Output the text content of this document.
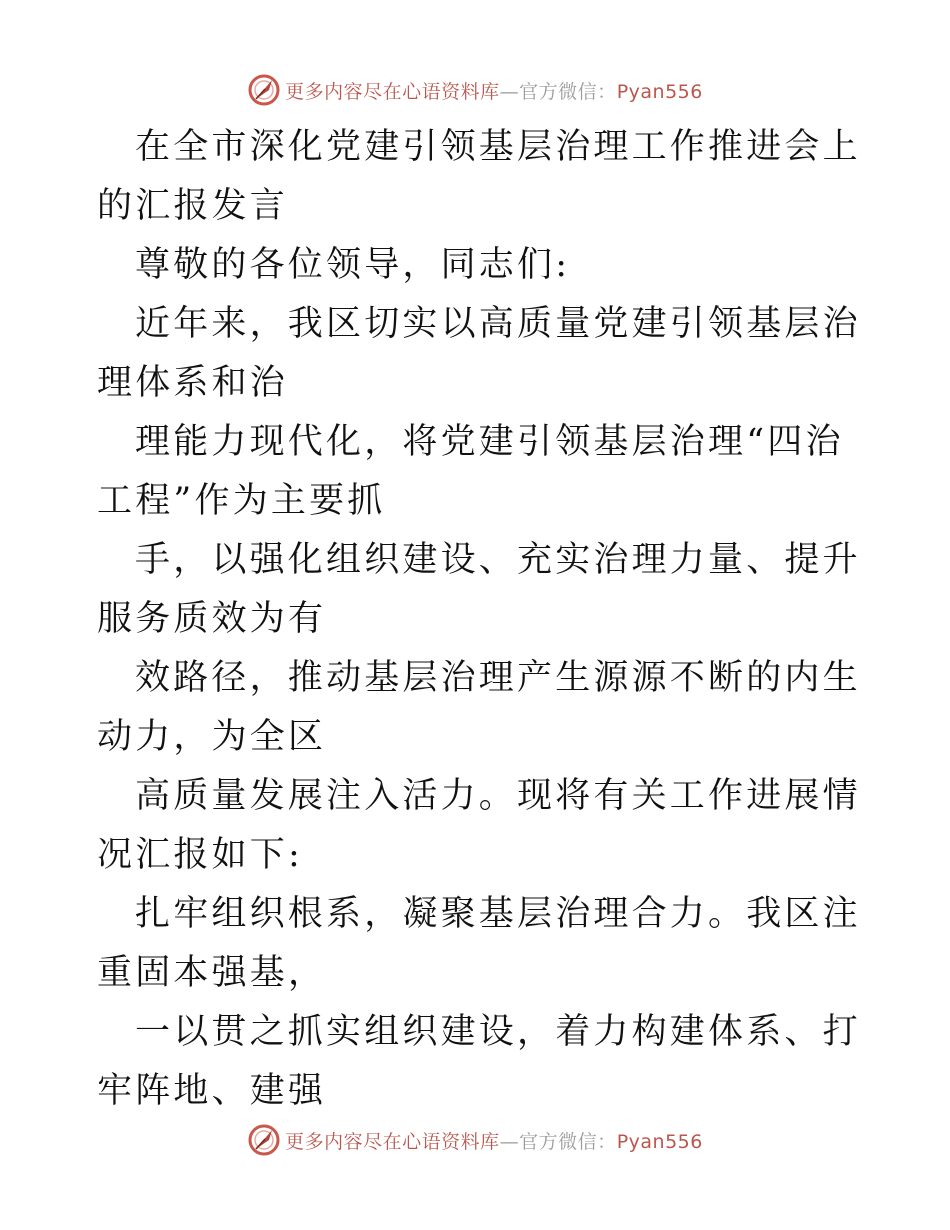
更多内容尽在心语资料库—官方微信：Pyan556

在全市深化党建引领基层治理工作推进会上的汇报发言

尊敬的各位领导，同志们:

近年来，我区切实以高质量党建引领基层治理体系和治

理能力现代化，将党建引领基层治理“四治工程”作为主要抓

手，以强化组织建设、充实治理力量、提升服务质效为有

效路径，推动基层治理产生源源不断的内生动力，为全区

高质量发展注入活力。现将有关工作进展情况汇报如下:

扎牢组织根系，凝聚基层治理合力。我区注重固本强基，

一以贯之抓实组织建设，着力构建体系、打牢阵地、建强

更多内容尽在心语资料库—官方微信：Pyan556
